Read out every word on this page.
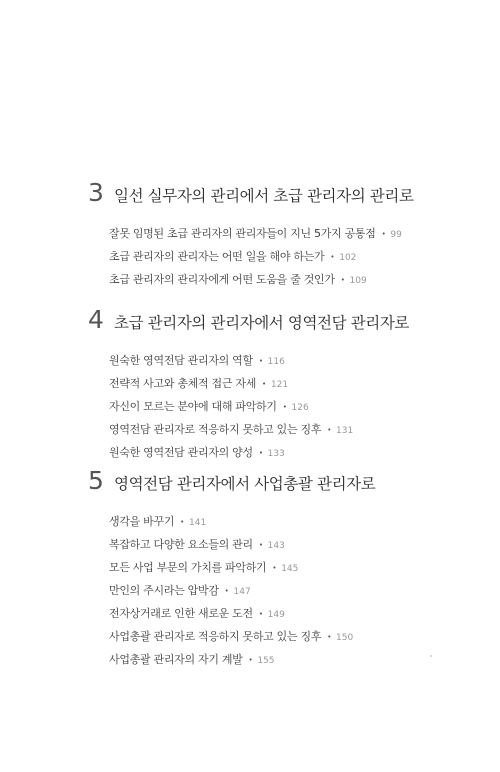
3 일선 실무자의 관리에서 초급 관리자의 관리로
잘못 임명된 초급 관리자의 관리자들이 지닌 5가지 공통점 • 99
초급 관리자의 관리자는 어떤 일을 해야 하는가 • 102
초급 관리자의 관리자에게 어떤 도움을 줄 것인가 • 109
4 초급 관리자의 관리자에서 영역전담 관리자로
원숙한 영역전담 관리자의 역할 • 116
전략적 사고와 총체적 접근 자세 • 121
자신이 모르는 분야에 대해 파악하기 • 126
영역전담 관리자로 적응하지 못하고 있는 징후 • 131
원숙한 영역전담 관리자의 양성 • 133
5 영역전담 관리자에서 사업총괄 관리자로
생각을 바꾸기 • 141
복잡하고 다양한 요소들의 관리 • 143
모든 사업 부문의 가치를 파악하기 • 145
만인의 주시라는 압박감 • 147
전자상거래로 인한 새로운 도전 • 149
사업총괄 관리자로 적응하지 못하고 있는 징후 • 150
사업총괄 관리자의 자기 계발 • 155
